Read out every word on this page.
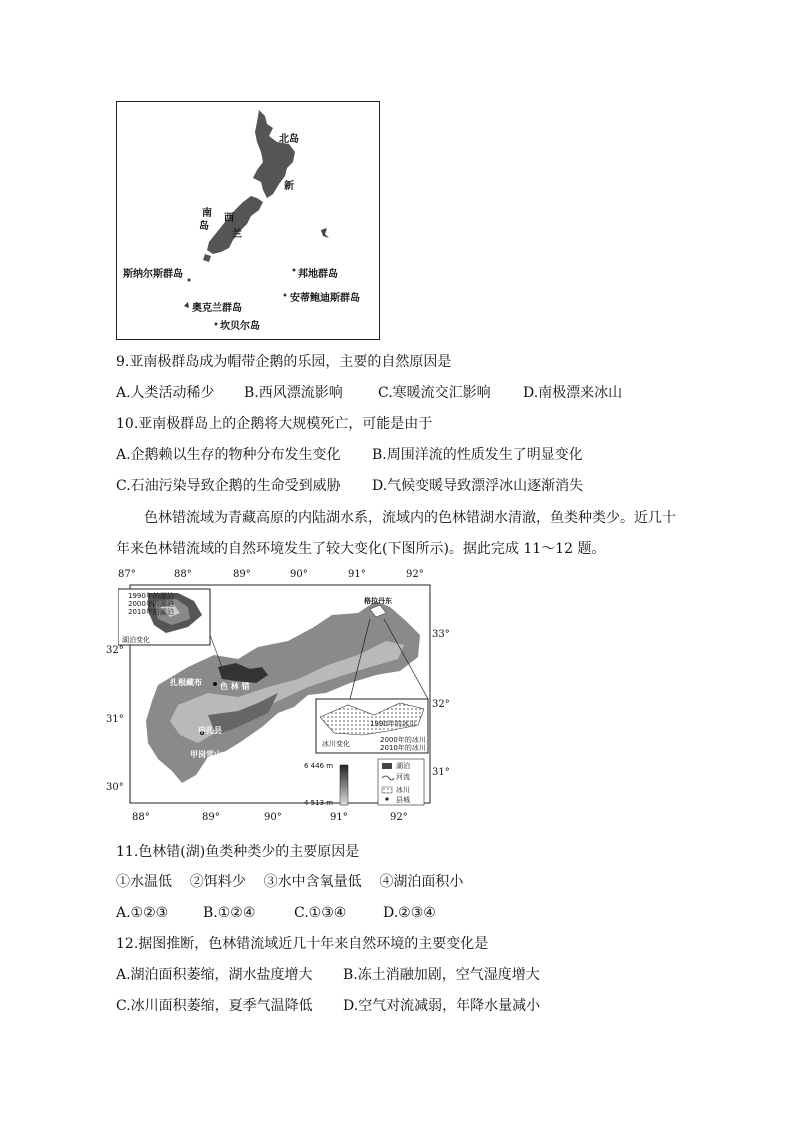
北岛
新
西
兰
南
岛
斯纳尔斯群岛	邦地群岛
安蒂鲍迪斯群岛
奥克兰群岛
坎贝尔岛
9.亚南极群岛成为帽带企鹅的乐园，主要的自然原因是
A.人类活动稀少 B.西风漂流影响	C.寒暖流交汇影响 D.南极漂来冰山
10.亚南极群岛上的企鹅将大规模死亡，可能是由于
A.企鹅赖以生存的物种分布发生变化 B.周围洋流的性质发生了明显变化
C.石油污染导致企鹅的生命受到威胁 D.气候变暖导致漂浮冰山逐渐消失
色林错流域为青藏高原的内陆湖水系，流域内的色林错湖水清澈，鱼类种类少。近几十
年来色林错流域的自然环境发生了较大变化(下图所示)。据此完成 11～12 题。
87°	88°	89°	90°	91°	92°
88°	89°	90°	91°	92°
32°
31°
30°
33°
32°
31°
1990年的湖泊
2000年的湖泊
2010年的湖泊
湖泊变化
1990年的冰川
2000年的冰川
2010年的冰川
冰川变化
格拉丹东
扎根藏布 色 林 错
申扎县
甲岗雪山
6 446 m
4 513 m
湖泊
河流
冰川
县城
11.色林错(湖)鱼类种类少的主要原因是
①水温低    ②饵料少    ③水中含氧量低    ④湖泊面积小
A.①②③ B.①②④	C.①③④	D.②③④
12.据图推断，色林错流域近几十年来自然环境的主要变化是
A.湖泊面积萎缩，湖水盐度增大 B.冻土消融加剧，空气湿度增大
C.冰川面积萎缩，夏季气温降低 D.空气对流减弱，年降水量减小
